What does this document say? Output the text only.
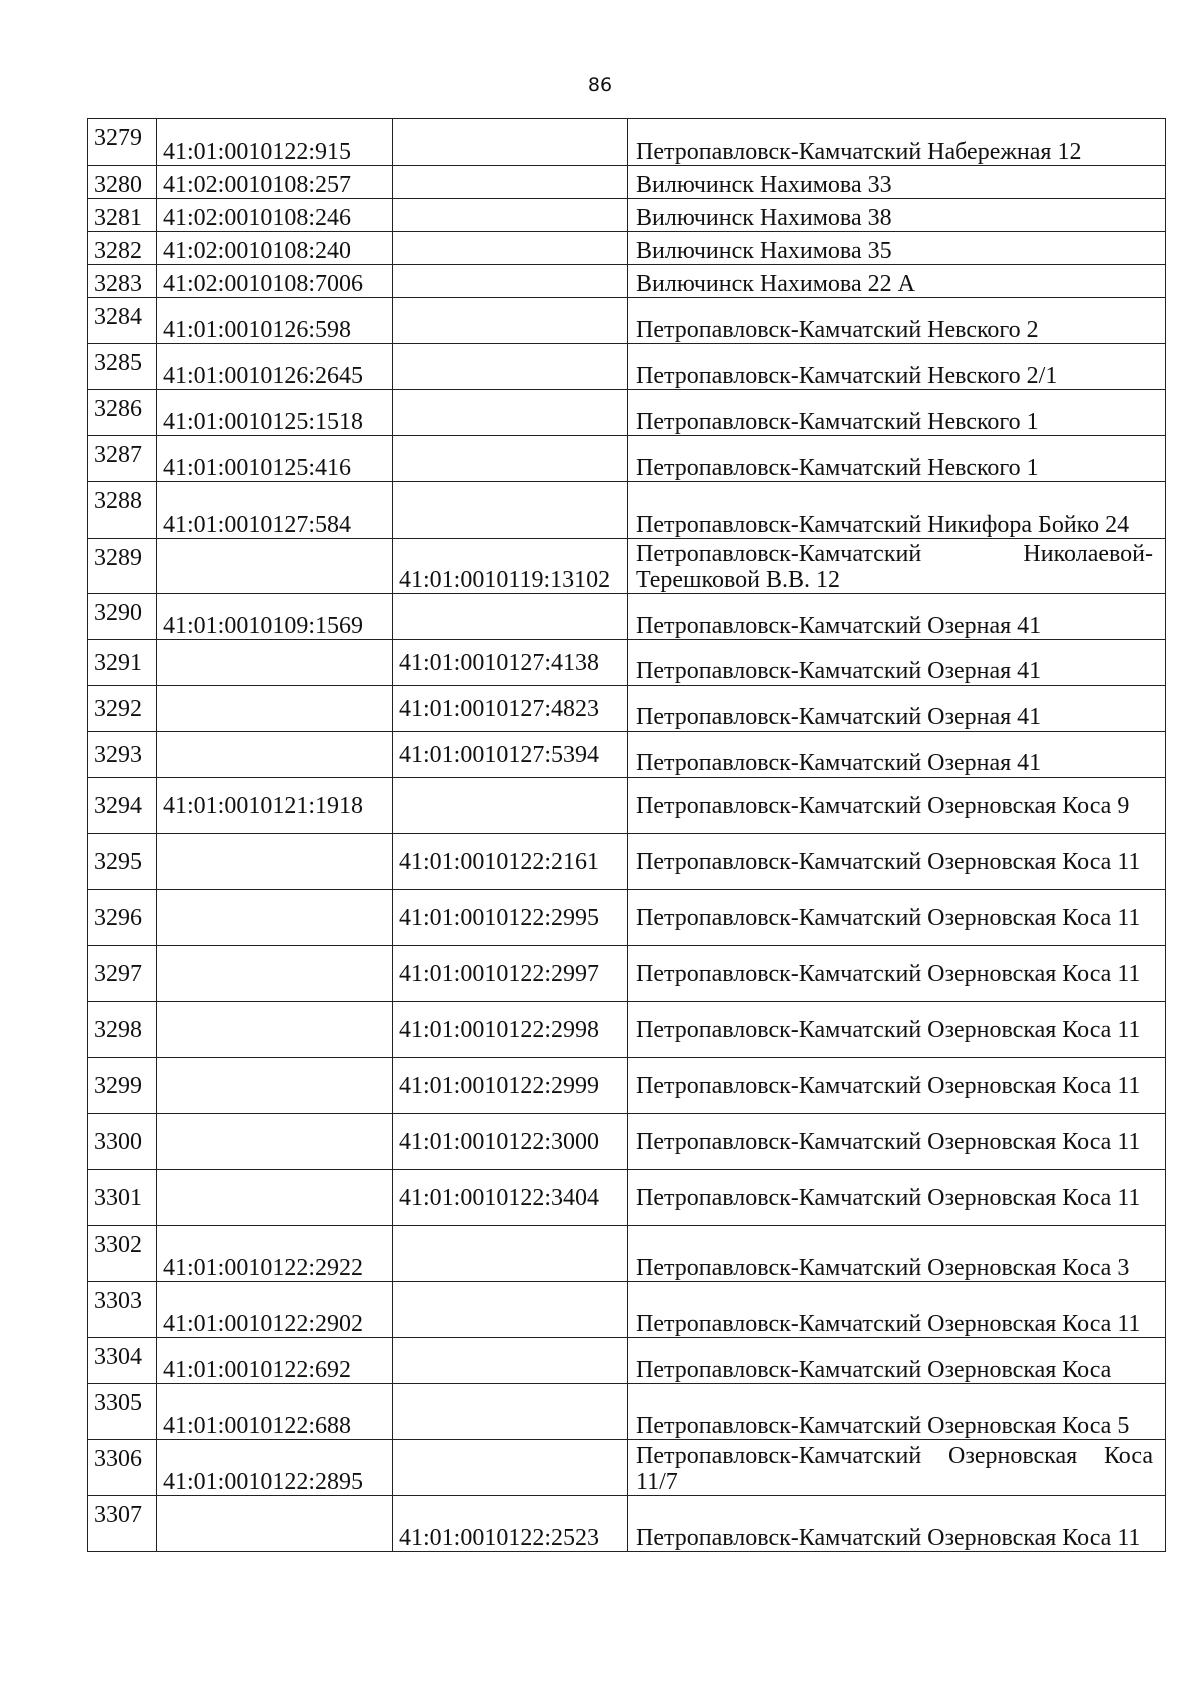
86
3279	41:01:0010122:915		Петропавловск-Камчатский Набережная 12
3280	41:02:0010108:257		Вилючинск Нахимова 33
3281	41:02:0010108:246		Вилючинск Нахимова 38
3282	41:02:0010108:240		Вилючинск Нахимова 35
3283	41:02:0010108:7006		Вилючинск Нахимова 22 А
3284	41:01:0010126:598		Петропавловск-Камчатский Невского 2
3285	41:01:0010126:2645		Петропавловск-Камчатский Невского 2/1
3286	41:01:0010125:1518		Петропавловск-Камчатский Невского 1
3287	41:01:0010125:416		Петропавловск-Камчатский Невского 1
3288	41:01:0010127:584		Петропавловск-Камчатский Никифора Бойко 24
3289		41:01:0010119:13102	Петропавловск-Камчатский Николаевой-Терешковой В.В. 12
3290	41:01:0010109:1569		Петропавловск-Камчатский Озерная 41
3291		41:01:0010127:4138	Петропавловск-Камчатский Озерная 41
3292		41:01:0010127:4823	Петропавловск-Камчатский Озерная 41
3293		41:01:0010127:5394	Петропавловск-Камчатский Озерная 41
3294	41:01:0010121:1918		Петропавловск-Камчатский Озерновская Коса 9
3295		41:01:0010122:2161	Петропавловск-Камчатский Озерновская Коса 11
3296		41:01:0010122:2995	Петропавловск-Камчатский Озерновская Коса 11
3297		41:01:0010122:2997	Петропавловск-Камчатский Озерновская Коса 11
3298		41:01:0010122:2998	Петропавловск-Камчатский Озерновская Коса 11
3299		41:01:0010122:2999	Петропавловск-Камчатский Озерновская Коса 11
3300		41:01:0010122:3000	Петропавловск-Камчатский Озерновская Коса 11
3301		41:01:0010122:3404	Петропавловск-Камчатский Озерновская Коса 11
3302	41:01:0010122:2922		Петропавловск-Камчатский Озерновская Коса 3
3303	41:01:0010122:2902		Петропавловск-Камчатский Озерновская Коса 11
3304	41:01:0010122:692		Петропавловск-Камчатский Озерновская Коса
3305	41:01:0010122:688		Петропавловск-Камчатский Озерновская Коса 5
3306	41:01:0010122:2895		Петропавловск-Камчатский Озерновская Коса 11/7
3307		41:01:0010122:2523	Петропавловск-Камчатский Озерновская Коса 11
